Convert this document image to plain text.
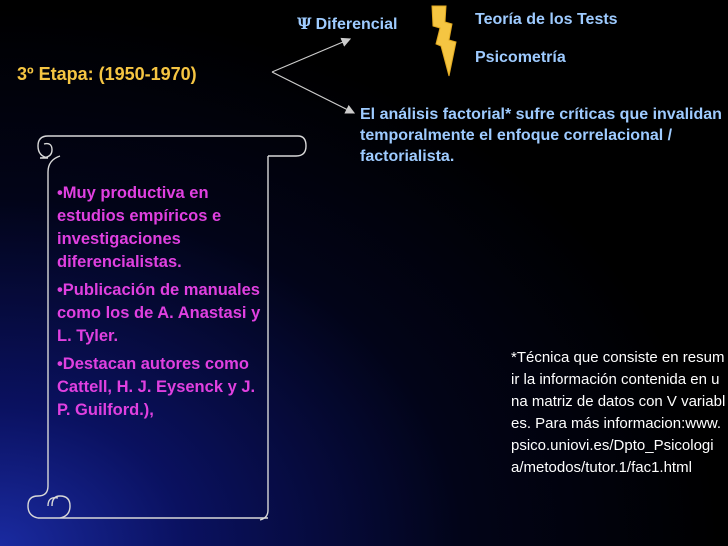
3º Etapa: (1950-1970)
Ψ Diferencial	Teoría de los Tests
Psicometría
El análisis factorial* sufre críticas que invalidan temporalmente el enfoque correlacional / factorialista.

•Muy productiva en estudios empíricos e investigaciones diferencialistas.

•Publicación de manuales como los de A. Anastasi y L. Tyler.

•Destacan autores como Cattell, H. J. Eysenck y J. P. Guilford.),

*Técnica que consiste en resumir la información contenida en una matriz de datos con V variables. Para más informacion:www.psico.uniovi.es/Dpto_Psicologia/metodos/tutor.1/fac1.html
